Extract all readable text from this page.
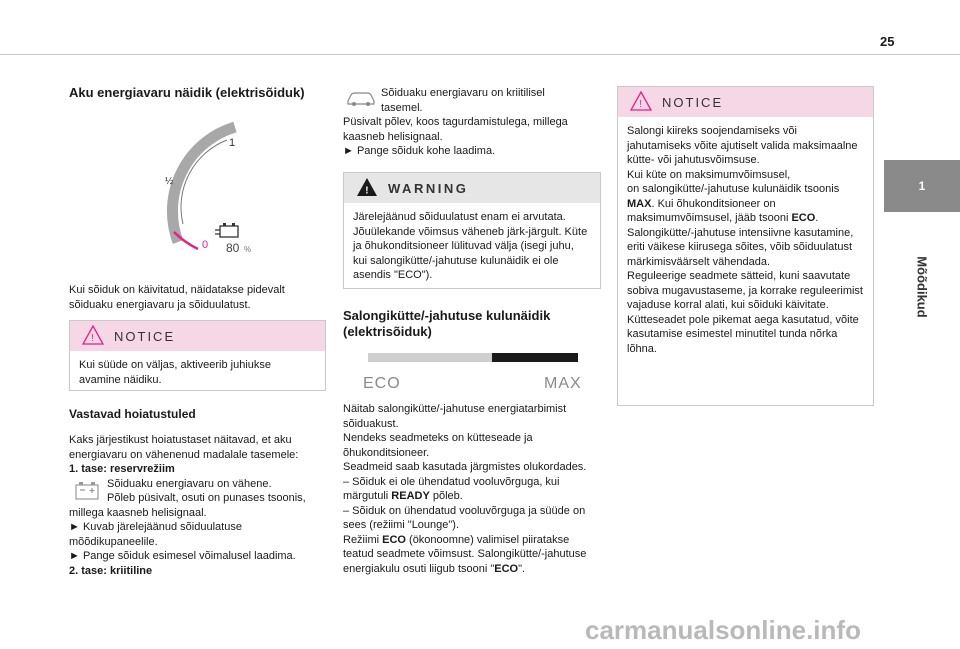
25
1
Mõõdikud
Aku energiavaru näidik (elektrisõiduk)
1
½
0 80 %
Kui sõiduk on käivitatud, näidatakse pidevalt sõiduaku energiavaru ja sõiduulatust.
! NOTICE
Kui süüde on väljas, aktiveerib juhiukse avamine näidiku.
Vastavad hoiatustuled
Kaks järjestikust hoiatustaset näitavad, et aku energiavaru on vähenenud madalale tasemele:
1. tase: reservrežiim
Sõiduaku energiavaru on vähene.
Põleb püsivalt, osuti on punases tsoonis,
millega kaasneb helisignaal.
► Kuvab järelejäänud sõiduulatuse mõõdikupaneelile.
► Pange sõiduk esimesel võimalusel laadima.
2. tase: kriitiline
Sõiduaku energiavaru on kriitilisel
tasemel.
Püsivalt põlev, koos tagurdamistulega, millega kaasneb helisignaal.
► Pange sõiduk kohe laadima.
! WARNING
Järelejäänud sõiduulatust enam ei arvutata. Jõuülekande võimsus väheneb järk-järgult. Küte ja õhukonditsioneer lülituvad välja (isegi juhu, kui salongikütte/-jahutuse kulunäidik ei ole asendis "ECO").
Salongikütte/-jahutuse kulunäidik (elektrisõiduk)
ECO	MAX
Näitab salongikütte/-jahutuse energiatarbimist sõiduakust.
Nendeks seadmeteks on kütteseade ja õhukonditsioneer.
Seadmeid saab kasutada järgmistes olukordades.
– Sõiduk ei ole ühendatud vooluvõrguga, kui märgutuli READY põleb.
– Sõiduk on ühendatud vooluvõrguga ja süüde on sees (režiimi "Lounge").
Režiimi ECO (ökonoomne) valimisel piiratakse teatud seadmete võimsust. Salongikütte/-jahutuse energiakulu osuti liigub tsooni "ECO".
! NOTICE
Salongi kiireks soojendamiseks või jahutamiseks võite ajutiselt valida maksimaalne kütte- või jahutusvõimsuse.
Kui küte on maksimumvõimsusel,
on salongikütte/-jahutuse kulunäidik tsoonis MAX. Kui õhukonditsioneer on maksimumvõimsusel, jääb tsooni ECO.
Salongikütte/-jahutuse intensiivne kasutamine, eriti väikese kiirusega sõites, võib sõiduulatust märkimisväärselt vähendada.
Reguleerige seadmete sätteid, kuni saavutate sobiva mugavustaseme, ja korrake reguleerimist vajaduse korral alati, kui sõiduki käivitate.
Kütteseadet pole pikemat aega kasutatud, võite kasutamise esimestel minutitel tunda nõrka lõhna.
carmanualsonline.info
